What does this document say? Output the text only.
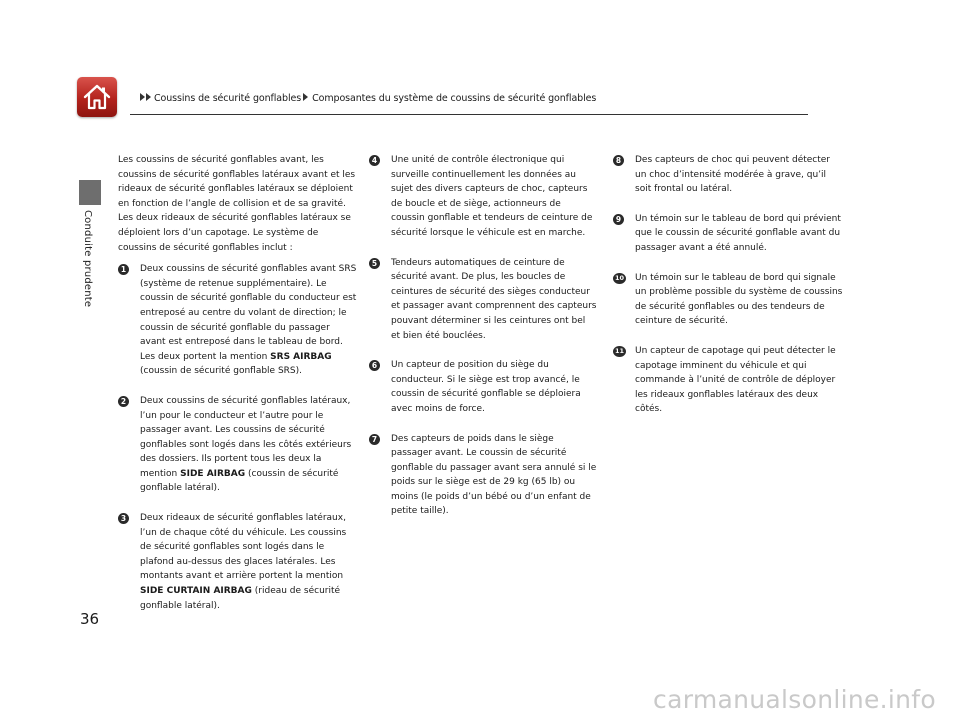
Conduite prudente
Coussins de sécurité gonflables Composantes du système de coussins de sécurité gonflables

Les coussins de sécurité gonflables avant, les coussins de sécurité gonflables latéraux avant et les rideaux de sécurité gonflables latéraux se déploient en fonction de l’angle de collision et de sa gravité. Les deux rideaux de sécurité gonflables latéraux se déploient lors d’un capotage. Le système de coussins de sécurité gonflables inclut :

1	Deux coussins de sécurité gonflables avant SRS (système de retenue supplémentaire). Le coussin de sécurité gonflable du conducteur est entreposé au centre du volant de direction; le coussin de sécurité gonflable du passager avant est entreposé dans le tableau de bord. Les deux portent la mention SRS AIRBAG (coussin de sécurité gonflable SRS).
2	Deux coussins de sécurité gonflables latéraux, l’un pour le conducteur et l’autre pour le passager avant. Les coussins de sécurité gonflables sont logés dans les côtés extérieurs des dossiers. Ils portent tous les deux la mention SIDE AIRBAG (coussin de sécurité gonflable latéral).
3	Deux rideaux de sécurité gonflables latéraux, l’un de chaque côté du véhicule. Les coussins de sécurité gonflables sont logés dans le plafond au-dessus des glaces latérales. Les montants avant et arrière portent la mention SIDE CURTAIN AIRBAG (rideau de sécurité gonflable latéral).
4	Une unité de contrôle électronique qui surveille continuellement les données au sujet des divers capteurs de choc, capteurs de boucle et de siège, actionneurs de coussin gonflable et tendeurs de ceinture de sécurité lorsque le véhicule est en marche.
5	Tendeurs automatiques de ceinture de sécurité avant. De plus, les boucles de ceintures de sécurité des sièges conducteur et passager avant comprennent des capteurs pouvant déterminer si les ceintures ont bel et bien été bouclées.
6	Un capteur de position du siège du conducteur. Si le siège est trop avancé, le coussin de sécurité gonflable se déploiera avec moins de force.
7	Des capteurs de poids dans le siège passager avant. Le coussin de sécurité gonflable du passager avant sera annulé si le poids sur le siège est de 29 kg (65 lb) ou moins (le poids d’un bébé ou d’un enfant de petite taille).
8	Des capteurs de choc qui peuvent détecter un choc d’intensité modérée à grave, qu’il soit frontal ou latéral.
9	Un témoin sur le tableau de bord qui prévient que le coussin de sécurité gonflable avant du passager avant a été annulé.
10 Un témoin sur le tableau de bord qui signale un problème possible du système de coussins de sécurité gonflables ou des tendeurs de ceinture de sécurité.
11 Un capteur de capotage qui peut détecter le capotage imminent du véhicule et qui commande à l’unité de contrôle de déployer les rideaux gonflables latéraux des deux côtés.
36
carmanualsonline.info
